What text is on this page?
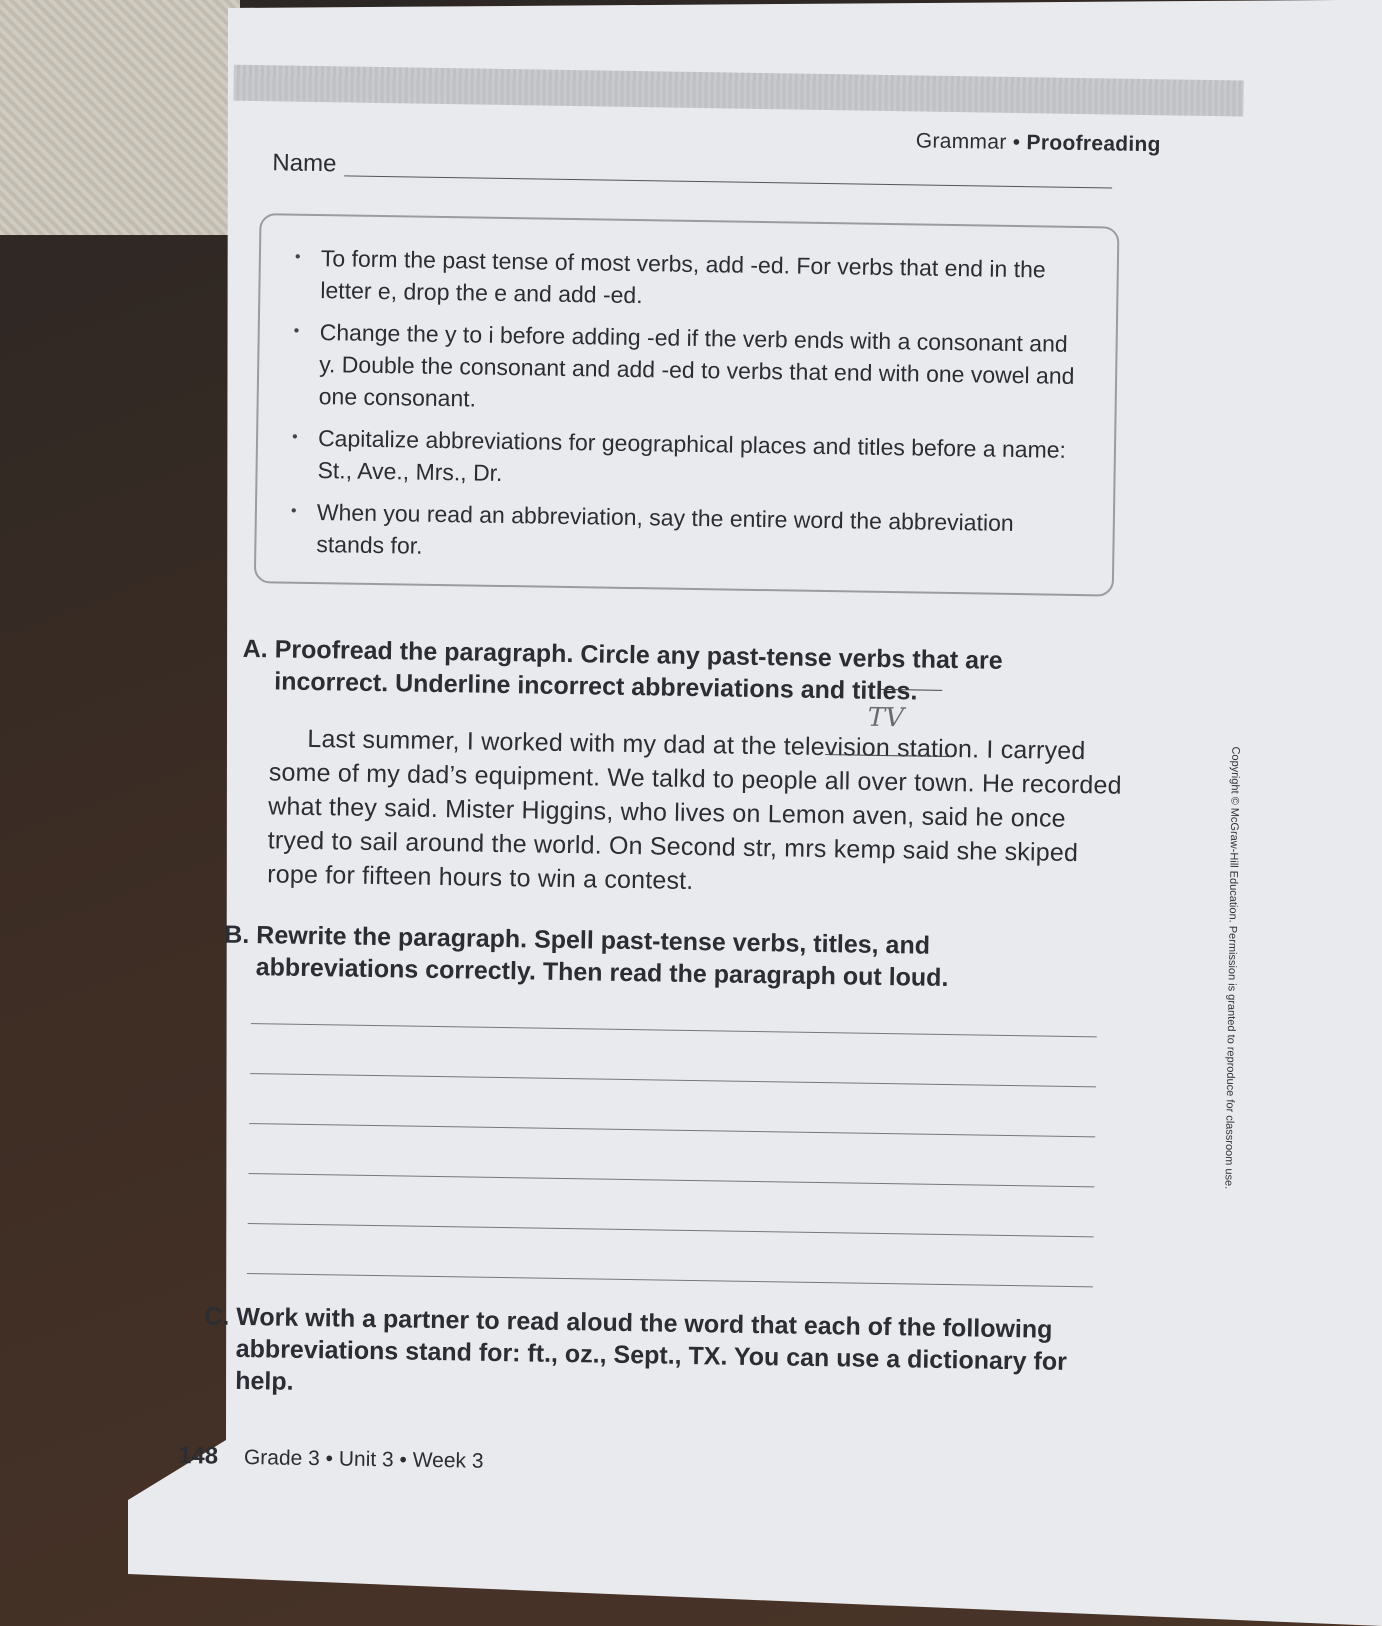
Grammar • Proofreading
Name
• To form the past tense of most verbs, add -ed. For verbs that end in the letter e, drop the e and add -ed.
• Change the y to i before adding -ed if the verb ends with a consonant and y. Double the consonant and add -ed to verbs that end with one vowel and one consonant.
• Capitalize abbreviations for geographical places and titles before a name: St., Ave., Mrs., Dr.
• When you read an abbreviation, say the entire word the abbreviation stands for.
A. Proofread the paragraph. Circle any past-tense verbs that are incorrect. Underline incorrect abbreviations and titles.
TV

Last summer, I worked with my dad at the television station. I carryed some of my dad’s equipment. We talkd to people all over town. He recorded what they said. Mister Higgins, who lives on Lemon aven, said he once tryed to sail around the world. On Second str, mrs kemp said she skiped rope for fifteen hours to win a contest.

B. Rewrite the paragraph. Spell past-tense verbs, titles, and abbreviations correctly. Then read the paragraph out loud.
C. Work with a partner to read aloud the word that each of the following abbreviations stand for: ft., oz., Sept., TX. You can use a dictionary for help.
148 Grade 3 • Unit 3 • Week 3
Copyright © McGraw-Hill Education. Permission is granted to reproduce for classroom use.
